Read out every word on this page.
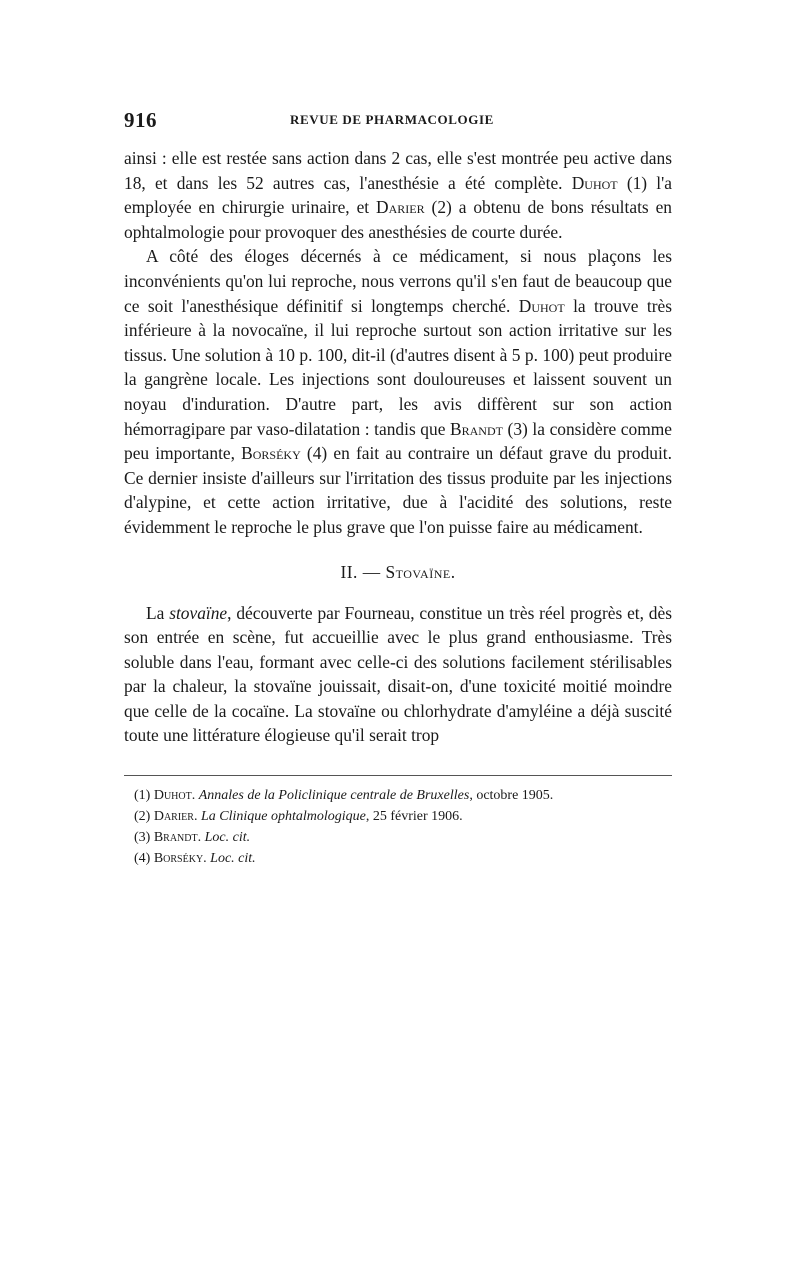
916	REVUE DE PHARMACOLOGIE

ainsi : elle est restée sans action dans 2 cas, elle s'est montrée peu active dans 18, et dans les 52 autres cas, l'anesthésie a été complète. Duhot (1) l'a employée en chirurgie urinaire, et Darier (2) a obtenu de bons résultats en ophtalmologie pour provoquer des anesthésies de courte durée.

A côté des éloges décernés à ce médicament, si nous plaçons les inconvénients qu'on lui reproche, nous verrons qu'il s'en faut de beaucoup que ce soit l'anesthésique définitif si longtemps cherché. Duhot la trouve très inférieure à la novocaïne, il lui reproche surtout son action irritative sur les tissus. Une solution à 10 p. 100, dit-il (d'autres disent à 5 p. 100) peut produire la gangrène locale. Les injections sont douloureuses et laissent souvent un noyau d'induration. D'autre part, les avis diffèrent sur son action hémorragipare par vaso-dilatation : tandis que Brandt (3) la considère comme peu importante, Borséky (4) en fait au contraire un défaut grave du produit. Ce dernier insiste d'ailleurs sur l'irritation des tissus produite par les injections d'alypine, et cette action irritative, due à l'acidité des solutions, reste évidemment le reproche le plus grave que l'on puisse faire au médicament.

II. — Stovaïne.

La stovaïne, découverte par Fourneau, constitue un très réel progrès et, dès son entrée en scène, fut accueillie avec le plus grand enthousiasme. Très soluble dans l'eau, formant avec celle-ci des solutions facilement stérilisables par la chaleur, la stovaïne jouissait, disait-on, d'une toxicité moitié moindre que celle de la cocaïne. La stovaïne ou chlorhydrate d'amyléine a déjà suscité toute une littérature élogieuse qu'il serait trop

(1) Duhot. Annales de la Policlinique centrale de Bruxelles, octobre 1905.

(2) Darier. La Clinique ophtalmologique, 25 février 1906.

(3) Brandt. Loc. cit.

(4) Borséky. Loc. cit.
